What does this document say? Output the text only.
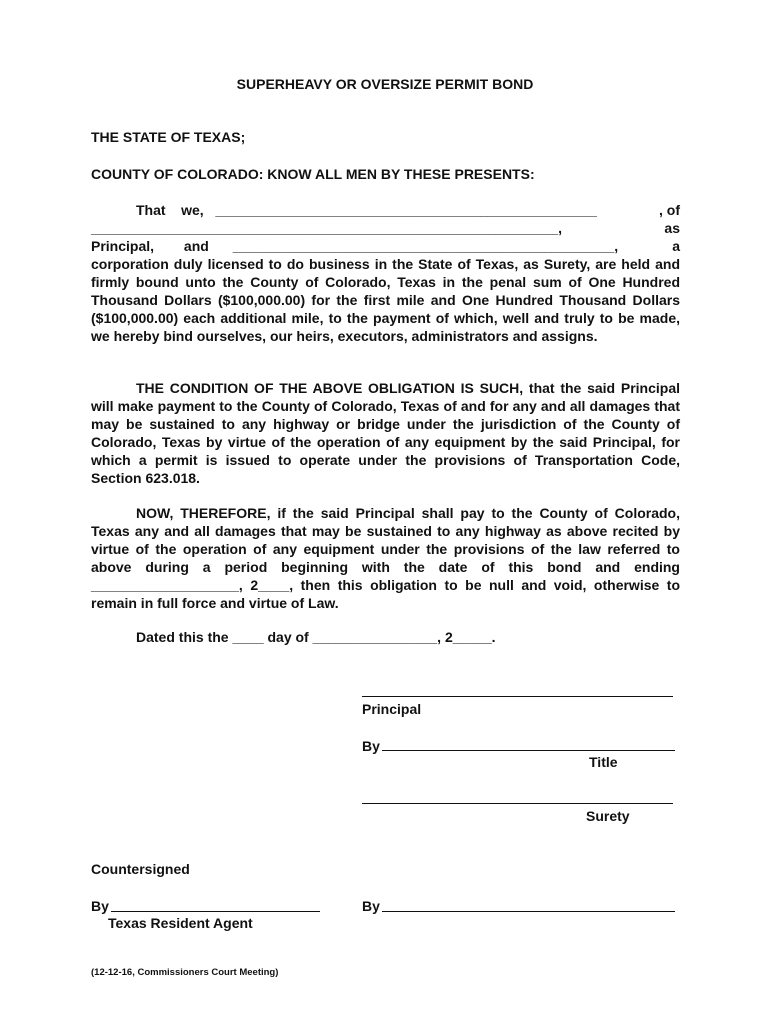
SUPERHEAVY OR OVERSIZE PERMIT BOND
THE STATE OF TEXAS;
COUNTY OF COLORADO: KNOW ALL MEN BY THESE PRESENTS:
That we, _________________________________________________	, of
____________________________________________________________,	as
Principal, and _________________________________________________,	a

corporation duly licensed to do business in the State of Texas, as Surety, are held and firmly bound unto the County of Colorado, Texas in the penal sum of One Hundred Thousand Dollars ($100,000.00) for the first mile and One Hundred Thousand Dollars ($100,000.00) each additional mile, to the payment of which, well and truly to be made, we hereby bind ourselves, our heirs, executors, administrators and assigns.

THE CONDITION OF THE ABOVE OBLIGATION IS SUCH, that the said Principal will make payment to the County of Colorado, Texas of and for any and all damages that may be sustained to any highway or bridge under the jurisdiction of the County of Colorado, Texas by virtue of the operation of any equipment by the said Principal, for which a permit is issued to operate under the provisions of Transportation Code, Section 623.018.

NOW, THEREFORE, if the said Principal shall pay to the County of Colorado, Texas any and all damages that may be sustained to any highway as above recited by virtue of the operation of any equipment under the provisions of the law referred to above during a period beginning with the date of this bond and ending ___________________, 2____, then this obligation to be null and void, otherwise to remain in full force and virtue of Law.

Dated this the ____ day of ________________, 2_____.
Principal
By
Title
Surety
Countersigned
By
Texas Resident Agent
By
(12-12-16, Commissioners Court Meeting)
